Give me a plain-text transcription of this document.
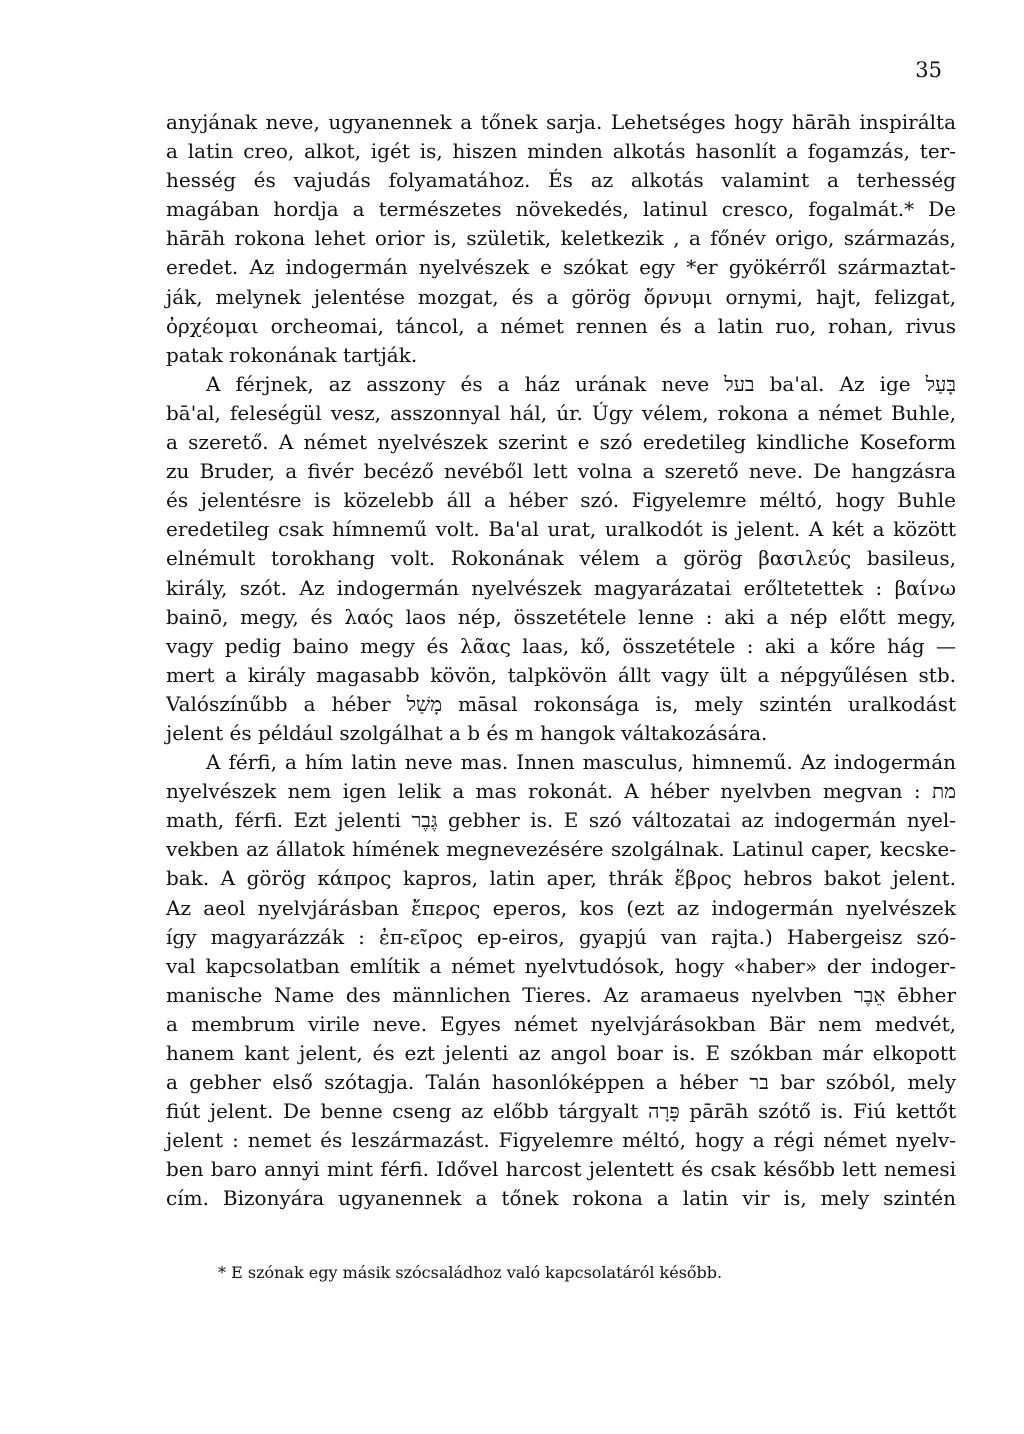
35

anyjának neve, ugyanennek a tőnek sarja. Lehetséges hogy hārāh inspirálta
a latin creo, alkot, igét is, hiszen minden alkotás hasonlít a fogamzás, ter-
hesség és vajudás folyamatához. És az alkotás valamint a terhesség
magában hordja a természetes növekedés, latinul cresco, fogalmát.* De
hārāh rokona lehet orior is, születik, keletkezik , a főnév origo, származás,
eredet. Az indogermán nyelvészek e szókat egy *er gyökérről származtat-
ják, melynek jelentése mozgat, és a görög ὄρνυμι ornymi, hajt, felizgat,
ὀρχέομαι orcheomai, táncol, a német rennen és a latin ruo, rohan, rivus
patak rokonának tartják.

A férjnek, az asszony és a ház urának neve בעל ba'al. Az ige בָּעַל
bā'al, feleségül vesz, asszonnyal hál, úr. Úgy vélem, rokona a német Buhle,
a szerető. A német nyelvészek szerint e szó eredetileg kindliche Koseform
zu Bruder, a fivér becéző nevéből lett volna a szerető neve. De hangzásra
és jelentésre is közelebb áll a héber szó. Figyelemre méltó, hogy Buhle
eredetileg csak hímnemű volt. Ba'al urat, uralkodót is jelent. A két a között
elnémult torokhang volt. Rokonának vélem a görög βασιλεύς basileus,
király, szót. Az indogermán nyelvészek magyarázatai erőltetettek : βαίνω
bainō, megy, és λαός laos nép, összetétele lenne : aki a nép előtt megy,
vagy pedig baino megy és λᾶας laas, kő, összetétele : aki a kőre hág —
mert a király magasabb kövön, talpkövön állt vagy ült a népgyűlésen stb.
Valószínűbb a héber מָשַׁל māsal rokonsága is, mely szintén uralkodást
jelent és például szolgálhat a b és m hangok váltakozására.

A férfi, a hím latin neve mas. Innen masculus, himnemű. Az indogermán
nyelvészek nem igen lelik a mas rokonát. A héber nyelvben megvan : מת
math, férfi. Ezt jelenti גֶּבֶר gebher is. E szó változatai az indogermán nyel-
vekben az állatok hímének megnevezésére szolgálnak. Latinul caper, kecske-
bak. A görög κάπρος kapros, latin aper, thrák ἕβρος hebros bakot jelent.
Az aeol nyelvjárásban ἔπερος eperos, kos (ezt az indogermán nyelvészek
így magyarázzák : ἐπ-εῖρος ep-eiros, gyapjú van rajta.) Habergeisz szó-
val kapcsolatban említik a német nyelvtudósok, hogy «haber» der indoger-
manische Name des männlichen Tieres. Az aramaeus nyelvben אֵבֶר ēbher
a membrum virile neve. Egyes német nyelvjárásokban Bär nem medvét,
hanem kant jelent, és ezt jelenti az angol boar is. E szókban már elkopott
a gebher első szótagja. Talán hasonlóképpen a héber בר bar szóból, mely
fiút jelent. De benne cseng az előbb tárgyalt פָּרָה pārāh szótő is. Fiú kettőt
jelent : nemet és leszármazást. Figyelemre méltó, hogy a régi német nyelv-
ben baro annyi mint férfi. Idővel harcost jelentett és csak később lett nemesi
cím. Bizonyára ugyanennek a tőnek rokona a latin vir is, mely szintén

* E szónak egy másik szócsaládhoz való kapcsolatáról később.
